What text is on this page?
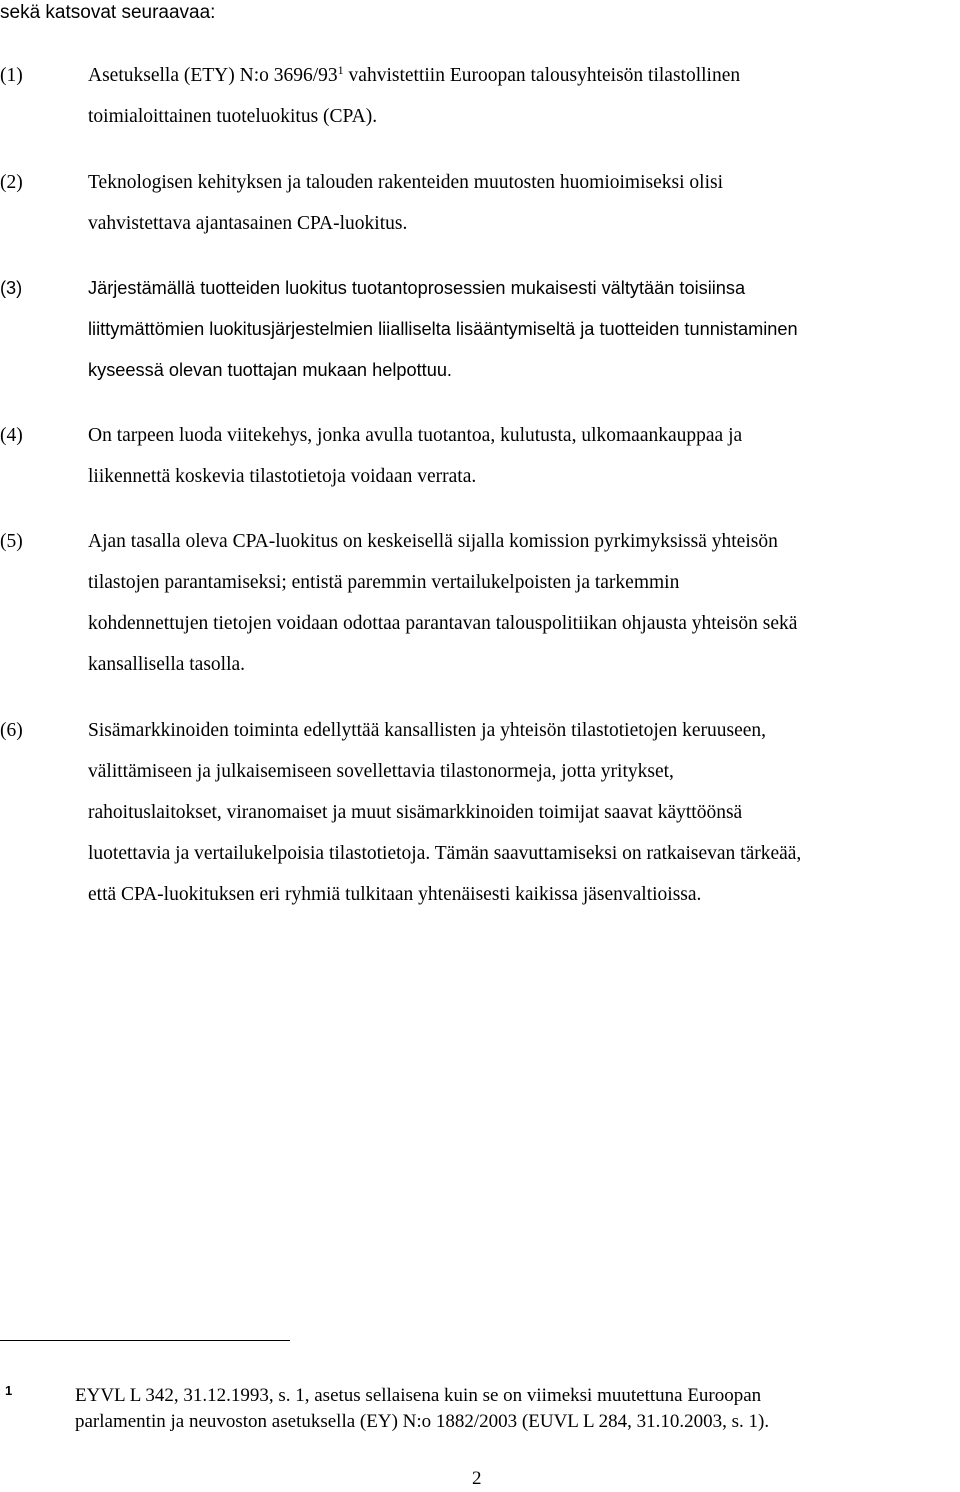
sekä katsovat seuraavaa:
(1)	Asetuksella (ETY) N:o $3696/93^1$ vahvistettiin Euroopan talousyhteisön tilastollinen
toimialoittainen tuoteluokitus (CPA).
(2)	Teknologisen kehityksen ja talouden rakenteiden muutosten huomioimiseksi olisi
vahvistettava ajantasainen CPA-luokitus.
(3)	Järjestämällä tuotteiden luokitus tuotantoprosessien mukaisesti vältytään toisiinsa
liittymättömien luokitusjärjestelmien liialliselta lisääntymiseltä ja tuotteiden tunnistaminen
kyseessä olevan tuottajan mukaan helpottuu.
(4)	On tarpeen luoda viitekehys, jonka avulla tuotantoa, kulutusta, ulkomaankauppaa ja
liikennettä koskevia tilastotietoja voidaan verrata.
(5)	Ajan tasalla oleva CPA-luokitus on keskeisellä sijalla komission pyrkimyksissä yhteisön
tilastojen parantamiseksi; entistä paremmin vertailukelpoisten ja tarkemmin
kohdennettujen tietojen voidaan odottaa parantavan talouspolitiikan ohjausta yhteisön sekä
kansallisella tasolla.
(6)	Sisämarkkinoiden toiminta edellyttää kansallisten ja yhteisön tilastotietojen keruuseen,
välittämiseen ja julkaisemiseen sovellettavia tilastonormeja, jotta yritykset,
rahoituslaitokset, viranomaiset ja muut sisämarkkinoiden toimijat saavat käyttöönsä
luotettavia ja vertailukelpoisia tilastotietoja. Tämän saavuttamiseksi on ratkaisevan tärkeää,
että CPA-luokituksen eri ryhmiä tulkitaan yhtenäisesti kaikissa jäsenvaltioissa.
1	EYVL L 342, 31.12.1993, s. 1, asetus sellaisena kuin se on viimeksi muutettuna Euroopan
parlamentin ja neuvoston asetuksella (EY) N:o 1882/2003 (EUVL L 284, 31.10.2003, s. 1).
2
